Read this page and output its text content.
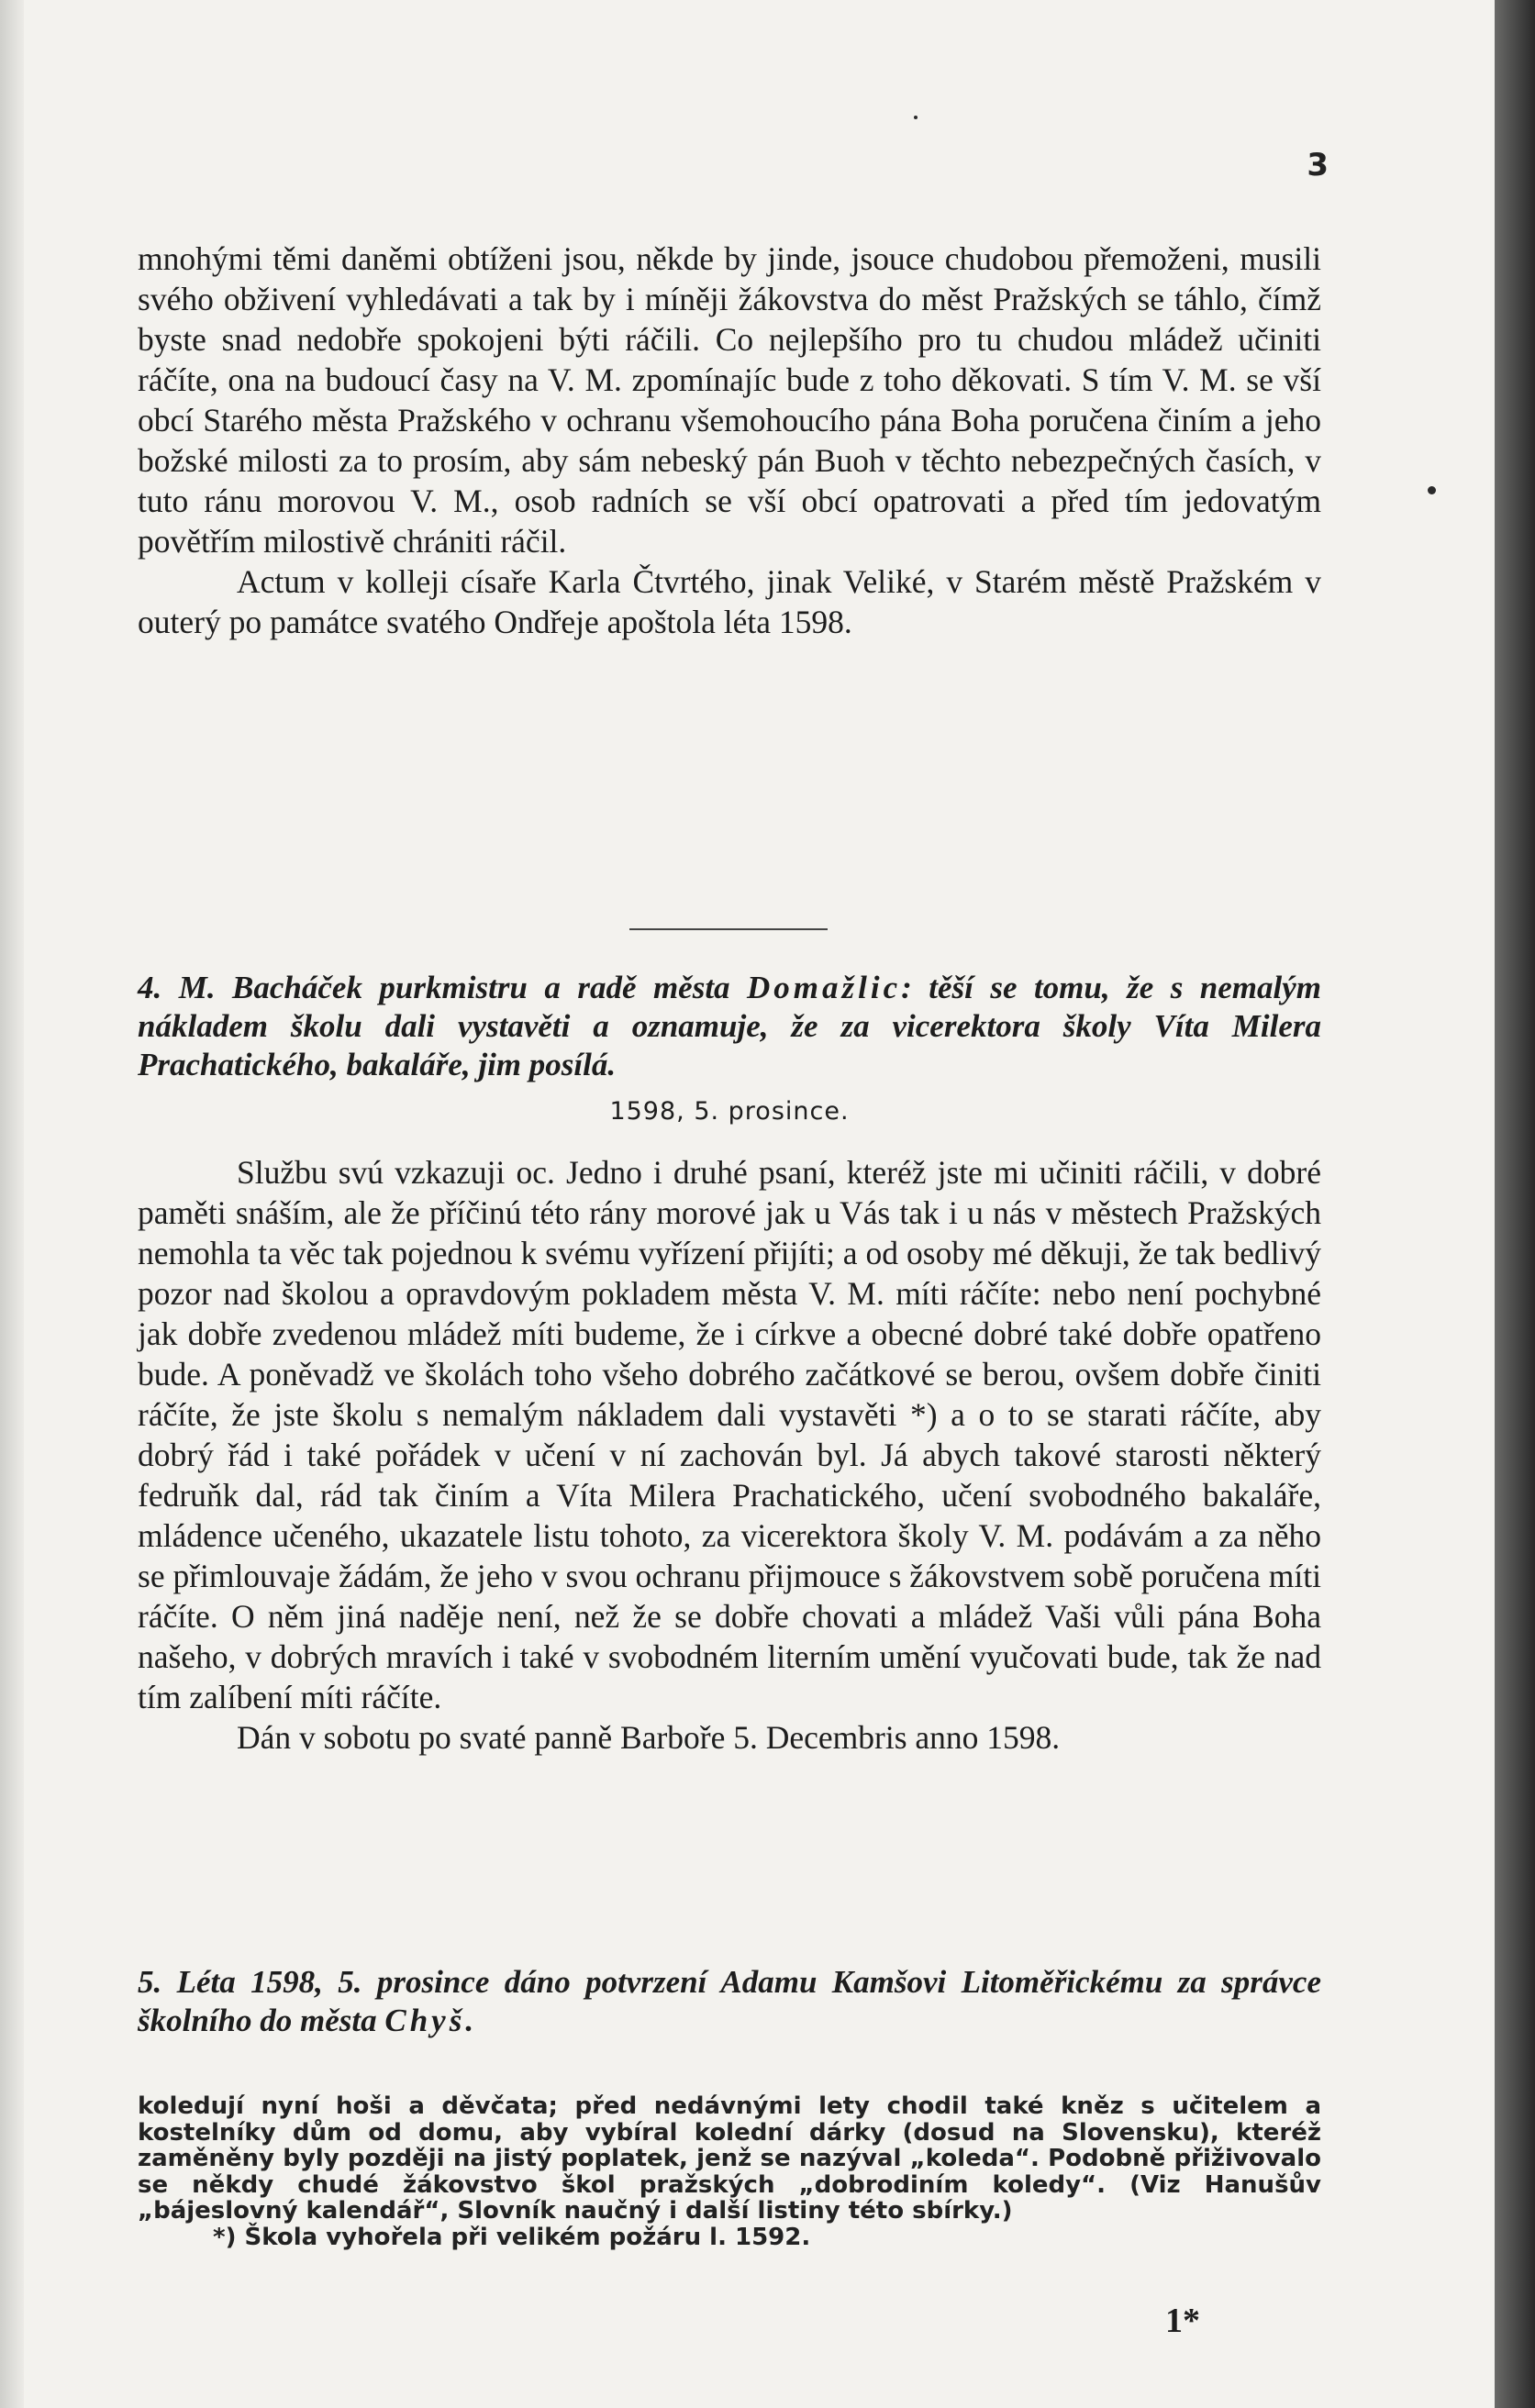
3

mnohými těmi daněmi obtíženi jsou, někde by jinde, jsouce chudobou přemoženi, musili svého obživení vyhledávati a tak by i míněji žákovstva do měst Pražských se táhlo, čímž byste snad nedobře spokojeni býti ráčili. Co nejlepšího pro tu chudou mládež učiniti ráčíte, ona na budoucí časy na V. M. zpomínajíc bude z toho děkovati. S tím V. M. se vší obcí Starého města Pražského v ochranu všemohoucího pána Boha poručena činím a jeho božské milosti za to prosím, aby sám nebeský pán Buoh v těchto nebezpečných časích, v tuto ránu morovou V. M., osob radních se vší obcí opatrovati a před tím jedovatým povětřím milostivě chrániti ráčil.

Actum v kolleji císaře Karla Čtvrtého, jinak Veliké, v Starém městě Pražském v outerý po památce svatého Ondřeje apoštola léta 1598.

4. M. Bacháček purkmistru a radě města Domažlic: těší se tomu, že s nemalým nákladem školu dali vystavěti a oznamuje, že za vicerektora školy Víta Milera Prachatického, bakaláře, jim posílá.

1598, 5. prosince.

Službu svú vzkazuji oc. Jedno i druhé psaní, kteréž jste mi učiniti ráčili, v dobré paměti snáším, ale že příčinú této rány morové jak u Vás tak i u nás v městech Pražských nemohla ta věc tak pojednou k svému vyřízení přijíti; a od osoby mé děkuji, že tak bedlivý pozor nad školou a opravdovým pokladem města V. M. míti ráčíte: nebo není pochybné jak dobře zvedenou mládež míti budeme, že i církve a obecné dobré také dobře opatřeno bude. A poněvadž ve školách toho všeho dobrého začátkové se berou, ovšem dobře činiti ráčíte, že jste školu s nemalým nákladem dali vystavěti *) a o to se starati ráčíte, aby dobrý řád i také pořádek v učení v ní zachován byl. Já abych takové starosti některý fedruňk dal, rád tak činím a Víta Milera Prachatického, učení svobodného bakaláře, mládence učeného, ukazatele listu tohoto, za vicerektora školy V. M. podávám a za něho se přimlouvaje žádám, že jeho v svou ochranu přijmouce s žákovstvem sobě poručena míti ráčíte. O něm jiná naděje není, než že se dobře chovati a mládež Vaši vůli pána Boha našeho, v dobrých mravích i také v svobodném literním umění vyučovati bude, tak že nad tím zalíbení míti ráčíte.

Dán v sobotu po svaté panně Barboře 5. Decembris anno 1598.

5. Léta 1598, 5. prosince dáno potvrzení Adamu Kamšovi Litoměřickému za správce školního do města Chyš.

koledují nyní hoši a děvčata; před nedávnými lety chodil také kněz s učitelem a kostelníky dům od domu, aby vybíral kolední dárky (dosud na Slovensku), kteréž zaměněny byly později na jistý poplatek, jenž se nazýval „koleda“. Podobně přiživovalo se někdy chudé žákovstvo škol pražských „dobrodiním koledy“. (Viz Hanušův „bájeslovný kalendář“, Slovník naučný i další listiny této sbírky.)

*) Škola vyhořela při velikém požáru l. 1592.

1*
